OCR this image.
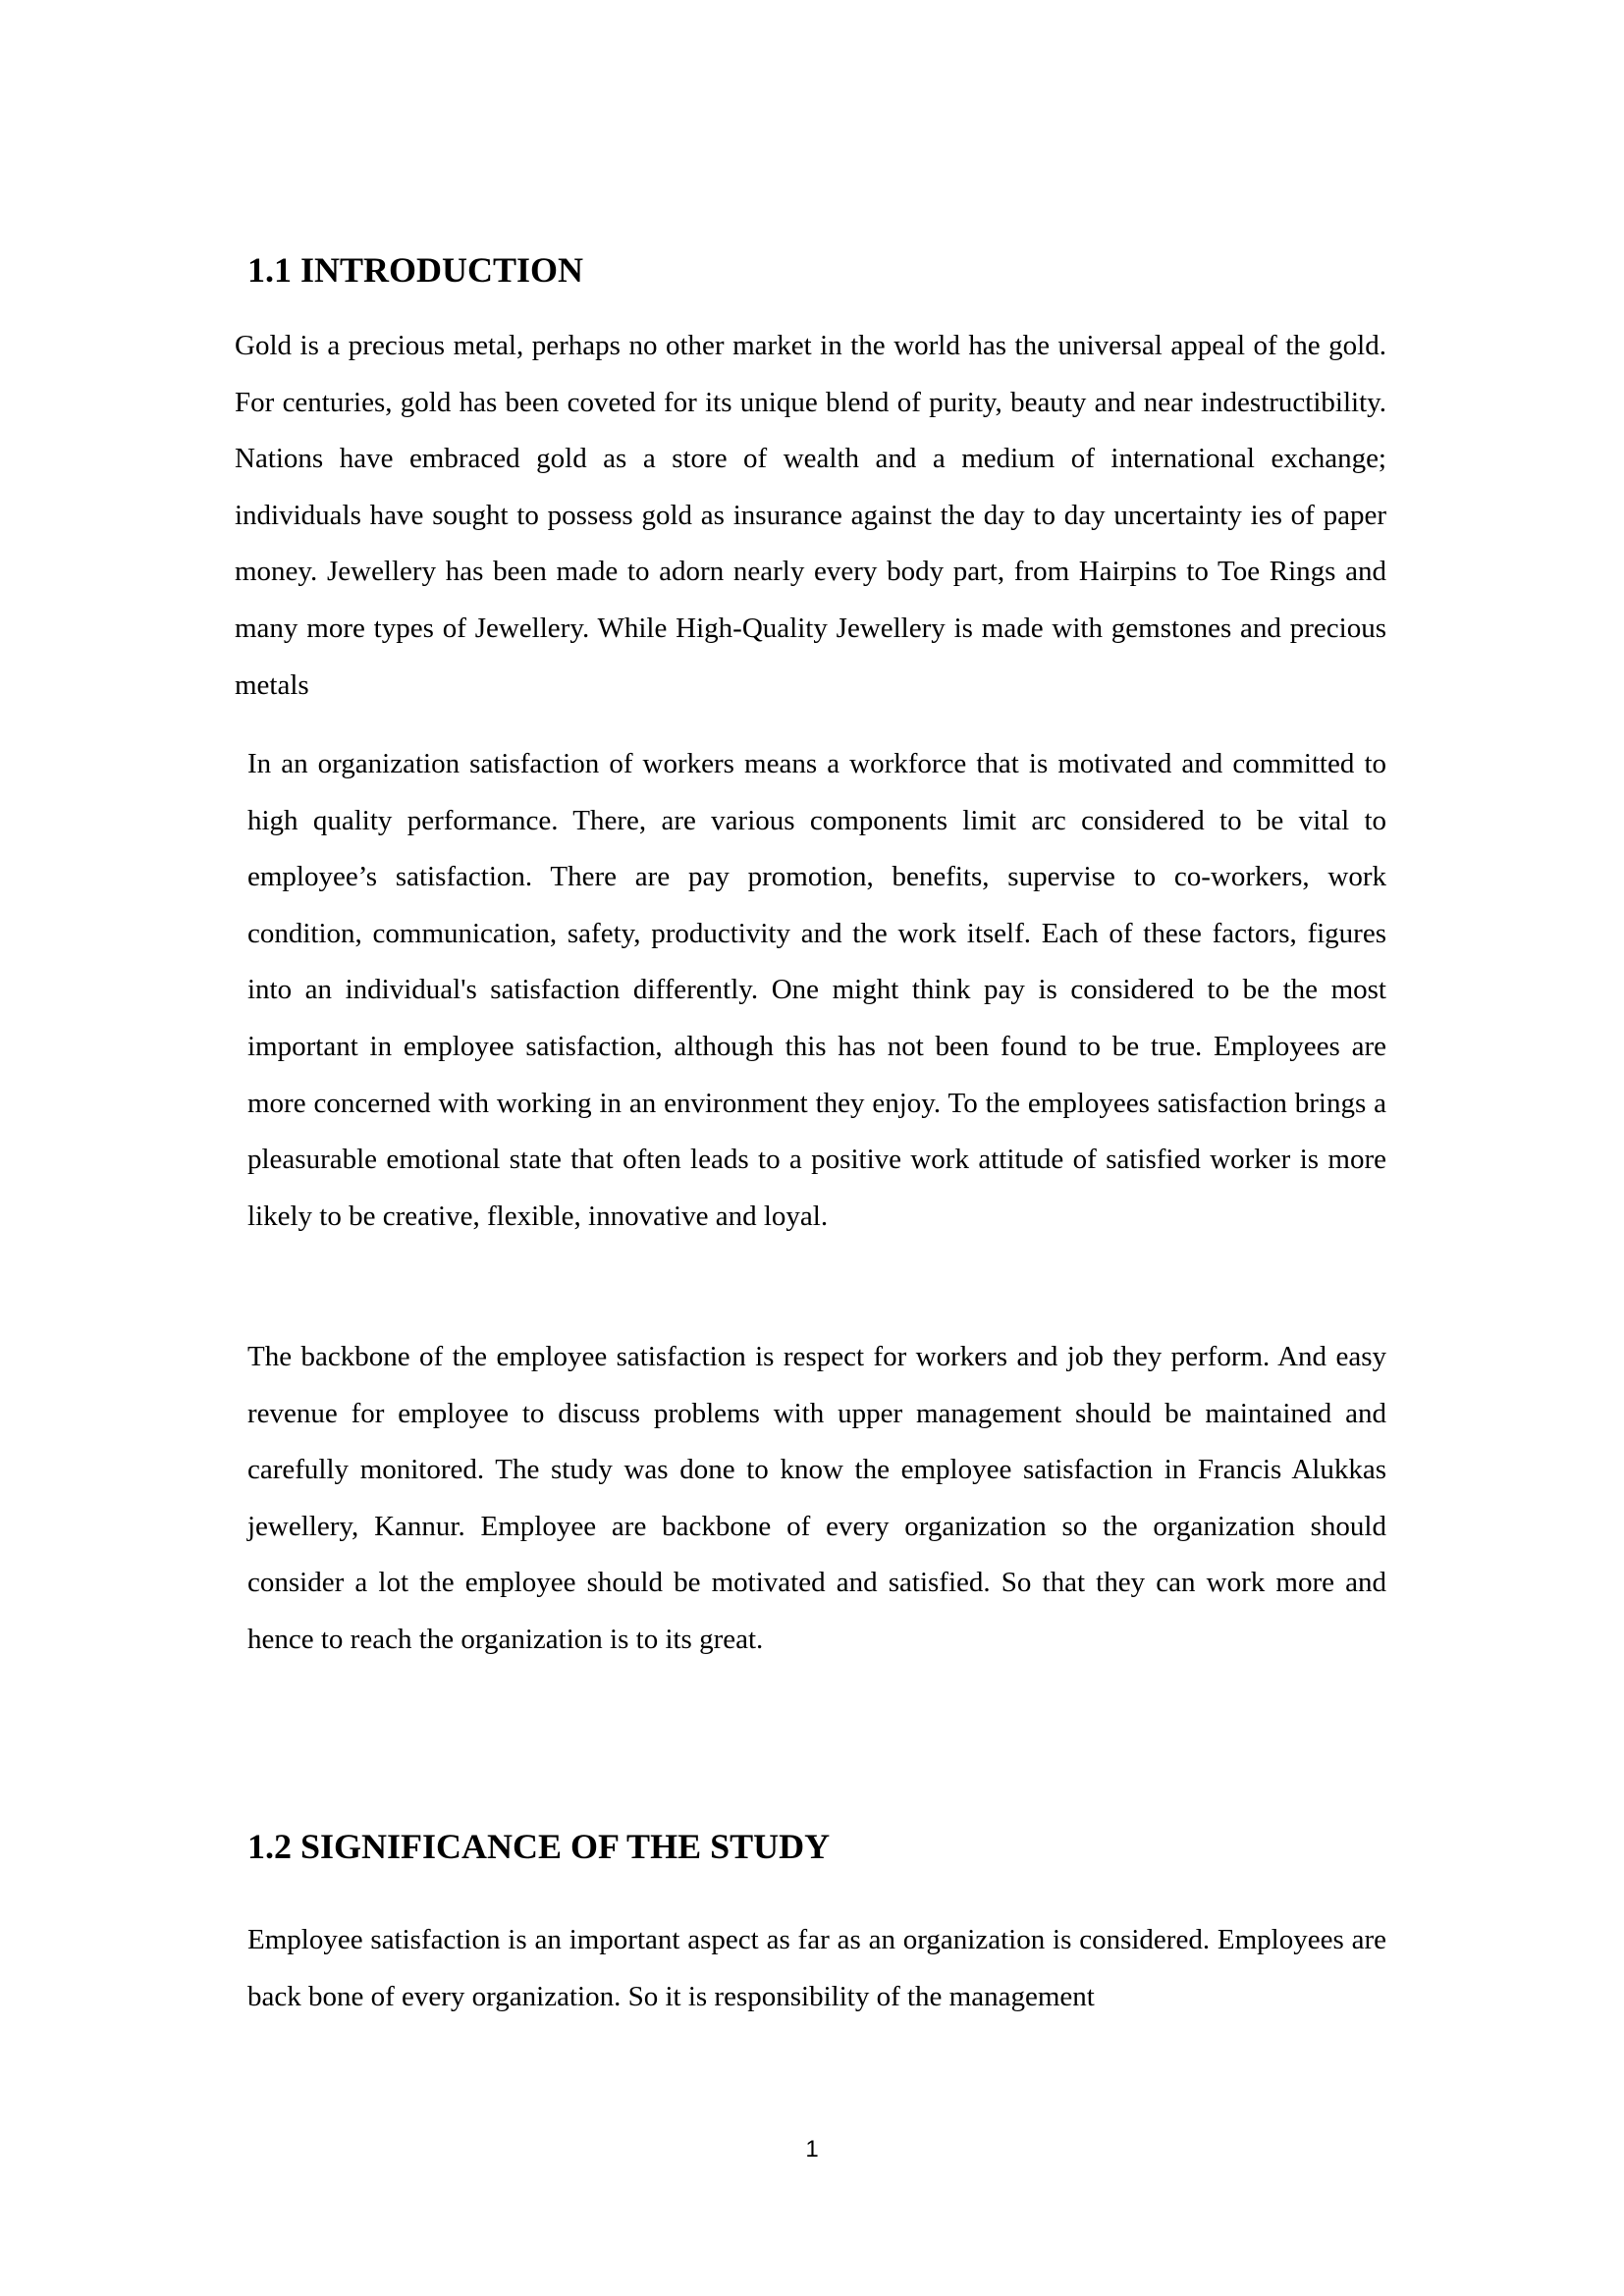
1.1 INTRODUCTION

Gold is a precious metal, perhaps no other market in the world has the universal appeal of the gold. For centuries, gold has been coveted for its unique blend of purity, beauty and near indestructibility. Nations have embraced gold as a store of wealth and a medium of international exchange; individuals have sought to possess gold as insurance against the day to day uncertainty ies of paper money. Jewellery has been made to adorn nearly every body part, from Hairpins to Toe Rings and many more types of Jewellery. While High-Quality Jewellery is made with gemstones and precious metals

In an organization satisfaction of workers means a workforce that is motivated and committed to high quality performance. There, are various components limit arc considered to be vital to employee’s satisfaction. There are pay promotion, benefits, supervise to co-workers, work condition, communication, safety, productivity and the work itself. Each of these factors, figures into an individual's satisfaction differently. One might think pay is considered to be the most important in employee satisfaction, although this has not been found to be true. Employees are more concerned with working in an environment they enjoy. To the employees satisfaction brings a pleasurable emotional state that often leads to a positive work attitude of satisfied worker is more likely to be creative, flexible, innovative and loyal.

The backbone of the employee satisfaction is respect for workers and job they perform. And easy revenue for employee to discuss problems with upper management should be maintained and carefully monitored. The study was done to know the employee satisfaction in Francis Alukkas jewellery, Kannur. Employee are backbone of every organization so the organization should consider a lot the employee should be motivated and satisfied. So that they can work more and hence to reach the organization is to its great.

1.2 SIGNIFICANCE OF THE STUDY

Employee satisfaction is an important aspect as far as an organization is considered. Employees are back bone of every organization. So it is responsibility of the management

1
